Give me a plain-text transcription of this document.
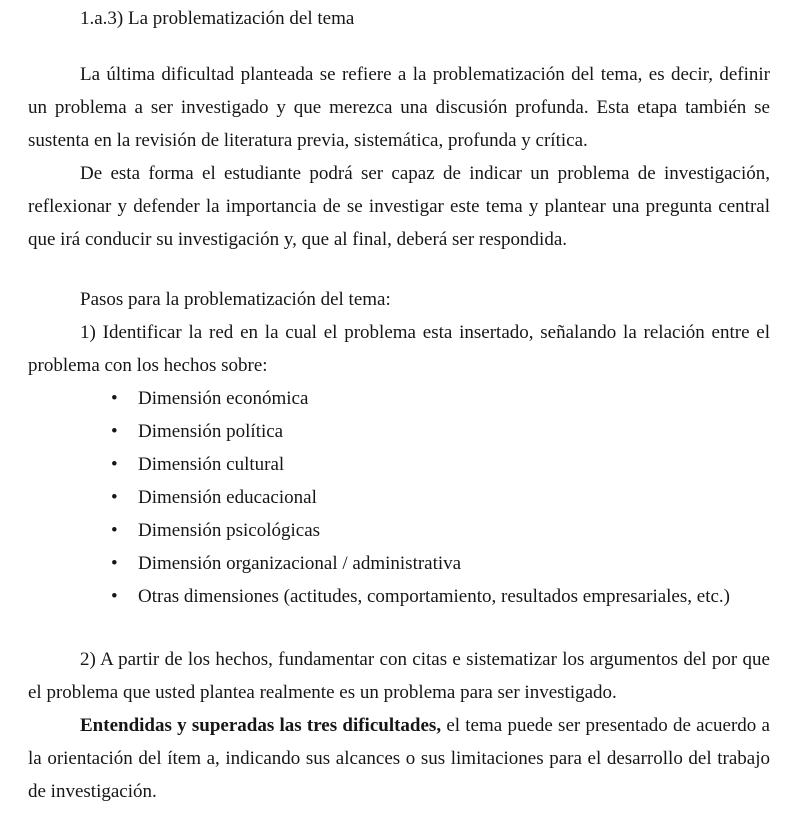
1.a.3) La problematización del tema

La última dificultad planteada se refiere a la problematización del tema, es decir, definir un problema a ser investigado y que merezca una discusión profunda. Esta etapa también se sustenta en la revisión de literatura previa, sistemática, profunda y crítica.

De esta forma el estudiante podrá ser capaz de indicar un problema de investigación, reflexionar y defender la importancia de se investigar este tema y plantear una pregunta central que irá conducir su investigación y, que al final, deberá ser respondida.

Pasos para la problematización del tema:

1) Identificar la red en la cual el problema esta insertado, señalando la relación entre el problema con los hechos sobre:

• Dimensión económica
• Dimensión política
• Dimensión cultural
• Dimensión educacional
• Dimensión psicológicas
• Dimensión organizacional / administrativa
• Otras dimensiones (actitudes, comportamiento, resultados empresariales, etc.)

2) A partir de los hechos, fundamentar con citas e sistematizar los argumentos del por que el problema que usted plantea realmente es un problema para ser investigado.

Entendidas y superadas las tres dificultades, el tema puede ser presentado de acuerdo a la orientación del ítem a, indicando sus alcances o sus limitaciones para el desarrollo del trabajo de investigación.
